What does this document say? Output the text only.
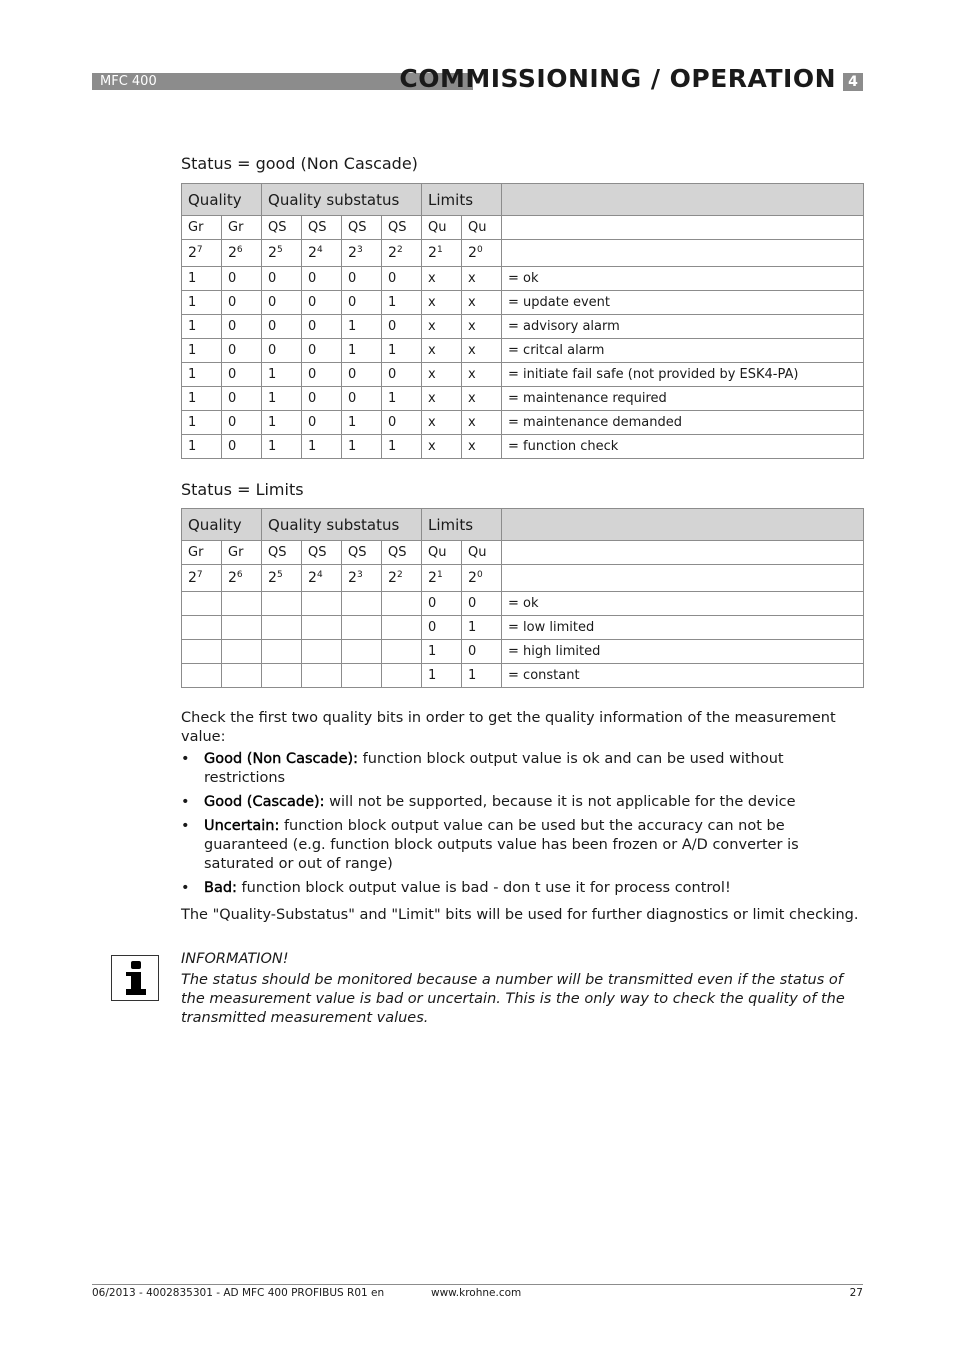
MFC 400	COMMISSIONING / OPERATION 4
Status = good (Non Cascade)
Quality		Quality substatus				Limits		
Gr	Gr	QS	QS	QS	QS	Qu	Qu	
$2^7$	$2^6$	$2^5$	$2^4$	$2^3$	$2^2$	$2^1$	$2^0$	
1	0	0	0	0	0	x	x	= ok
1	0	0	0	0	1	x	x	= update event
1	0	0	0	1	0	x	x	= advisory alarm
1	0	0	0	1	1	x	x	= critcal alarm
1	0	1	0	0	0	x	x	= initiate fail safe (not provided by ESK4-PA)
1	0	1	0	0	1	x	x	= maintenance required
1	0	1	0	1	0	x	x	= maintenance demanded
1	0	1	1	1	1	x	x	= function check
Status = Limits
Quality		Quality substatus				Limits		
Gr	Gr	QS	QS	QS	QS	Qu	Qu	
$2^7$	$2^6$	$2^5$	$2^4$	$2^3$	$2^2$	$2^1$	$2^0$	
						0	0	= ok
						0	1	= low limited
						1	0	= high limited
						1	1	= constant
Check the first two quality bits in order to get the quality information of the measurement value:
• Good (Non Cascade): function block output value is ok and can be used without restrictions
• Good (Cascade): will not be supported, because it is not applicable for the device
• Uncertain: function block output value can be used but the accuracy can not be guaranteed (e.g. function block outputs value has been frozen or A/D converter is saturated or out of range)
• Bad: function block output value is bad - don t use it for process control!
The "Quality-Substatus" and "Limit" bits will be used for further diagnostics or limit checking.
INFORMATION!
The status should be monitored because a number will be transmitted even if the status of the measurement value is bad or uncertain. This is the only way to check the quality of the transmitted measurement values.
06/2013 - 4002835301 - AD MFC 400 PROFIBUS R01 en	www.krohne.com	27
